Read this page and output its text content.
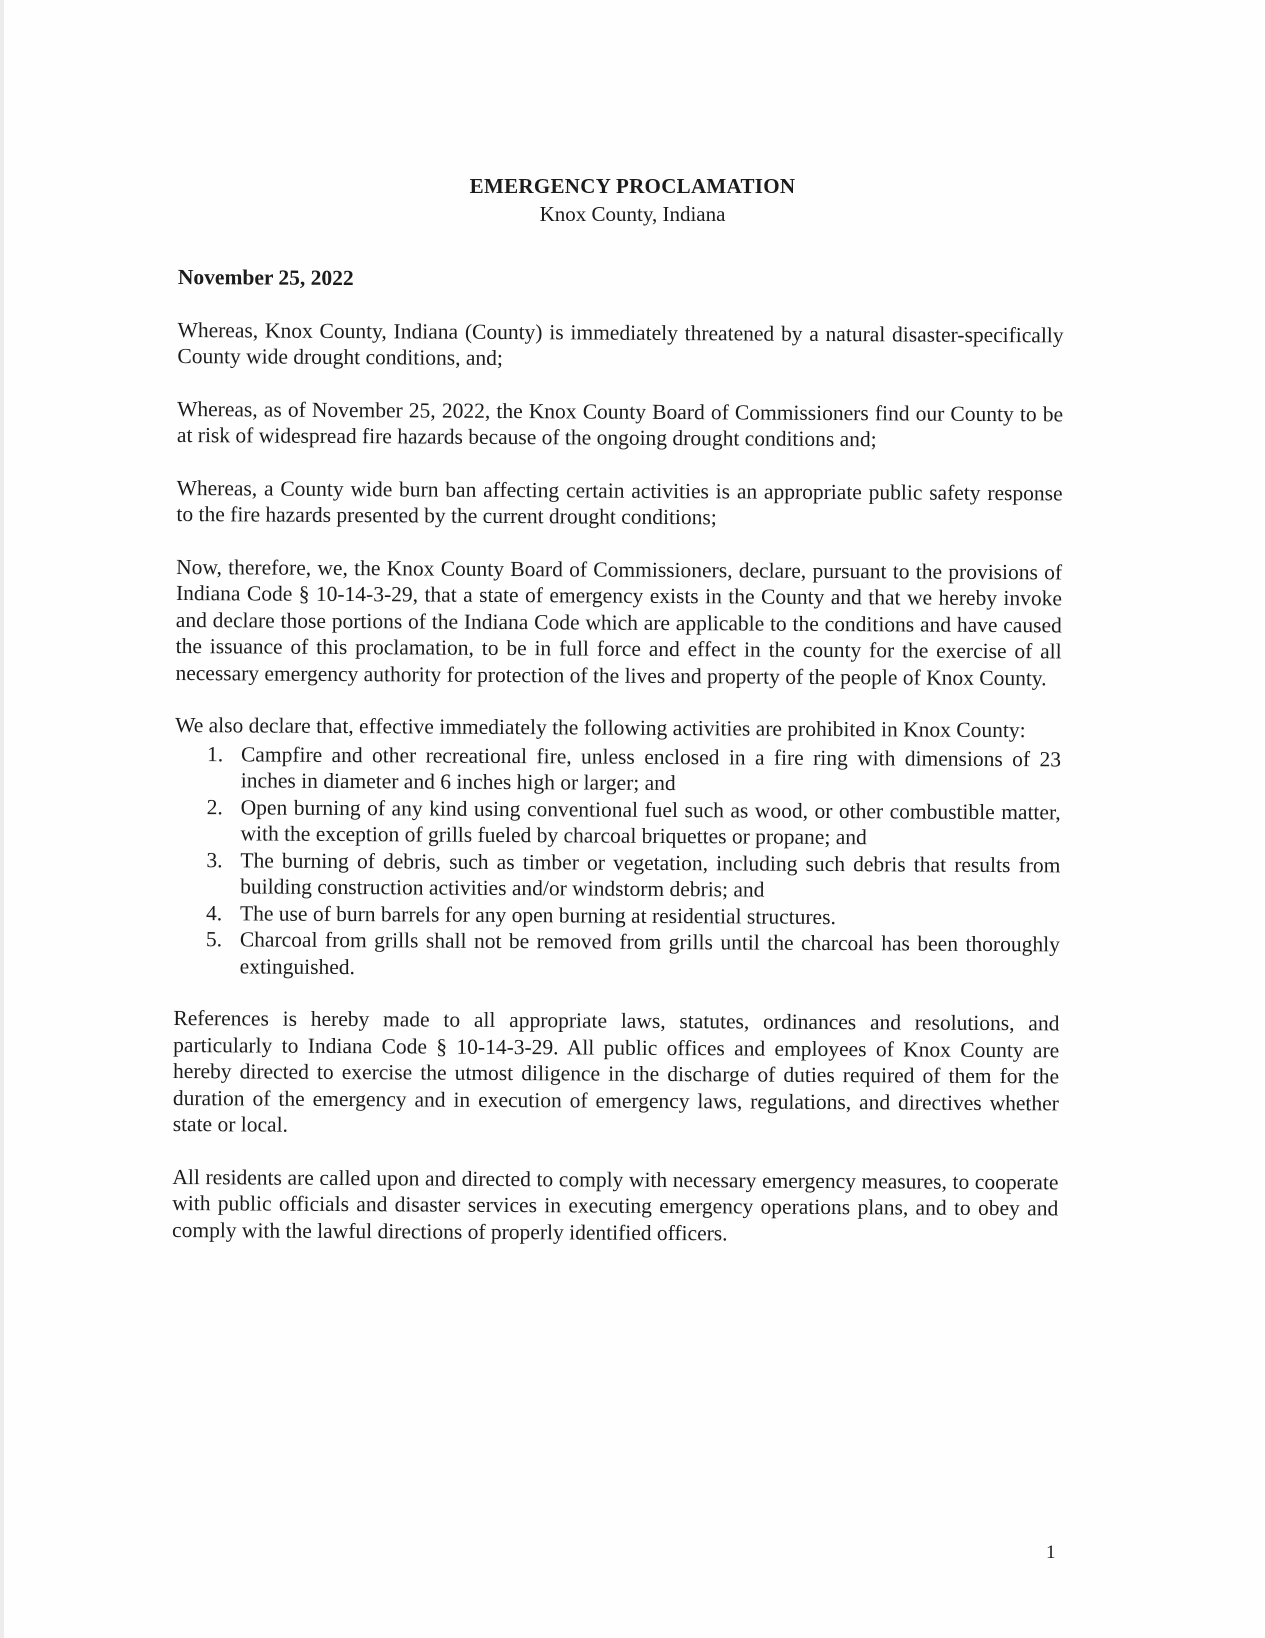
EMERGENCY PROCLAMATION
Knox County, Indiana
November 25, 2022

Whereas, Knox County, Indiana (County) is immediately threatened by a natural disaster-specifically County wide drought conditions, and;

Whereas, as of November 25, 2022, the Knox County Board of Commissioners find our County to be at risk of widespread fire hazards because of the ongoing drought conditions and;

Whereas, a County wide burn ban affecting certain activities is an appropriate public safety response to the fire hazards presented by the current drought conditions;

Now, therefore, we, the Knox County Board of Commissioners, declare, pursuant to the provisions of Indiana Code § 10-14-3-29, that a state of emergency exists in the County and that we hereby invoke and declare those portions of the Indiana Code which are applicable to the conditions and have caused the issuance of this proclamation, to be in full force and effect in the county for the exercise of all necessary emergency authority for protection of the lives and property of the people of Knox County.

We also declare that, effective immediately the following activities are prohibited in Knox County:

1. Campfire and other recreational fire, unless enclosed in a fire ring with dimensions of 23 inches in diameter and 6 inches high or larger; and
2. Open burning of any kind using conventional fuel such as wood, or other combustible matter, with the exception of grills fueled by charcoal briquettes or propane; and
3. The burning of debris, such as timber or vegetation, including such debris that results from building construction activities and/or windstorm debris; and
4. The use of burn barrels for any open burning at residential structures.
5. Charcoal from grills shall not be removed from grills until the charcoal has been thoroughly extinguished.

References is hereby made to all appropriate laws, statutes, ordinances and resolutions, and particularly to Indiana Code § 10-14-3-29. All public offices and employees of Knox County are hereby directed to exercise the utmost diligence in the discharge of duties required of them for the duration of the emergency and in execution of emergency laws, regulations, and directives whether state or local.

All residents are called upon and directed to comply with necessary emergency measures, to cooperate with public officials and disaster services in executing emergency operations plans, and to obey and comply with the lawful directions of properly identified officers.

1
